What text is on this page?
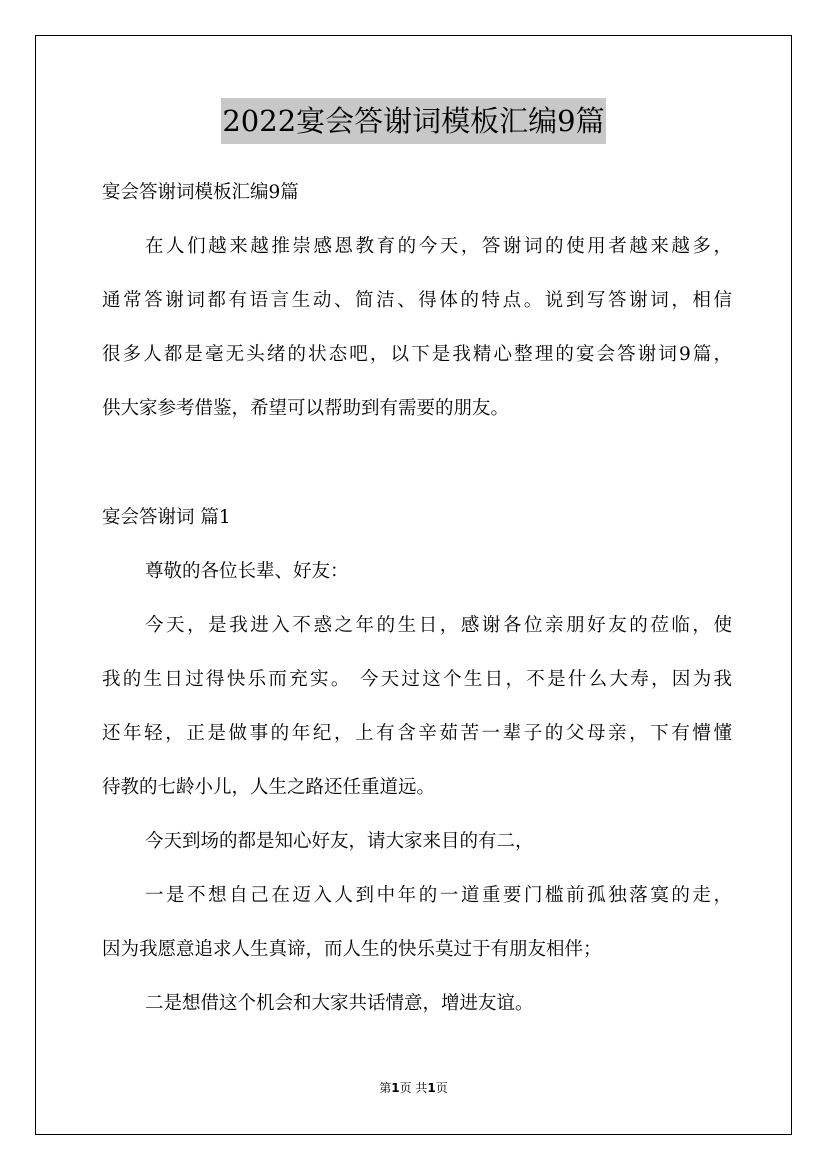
2022宴会答谢词模板汇编9篇

宴会答谢词模板汇编9篇

在人们越来越推崇感恩教育的今天，答谢词的使用者越来越多，

通常答谢词都有语言生动、简洁、得体的特点。说到写答谢词，相信

很多人都是毫无头绪的状态吧，以下是我精心整理的宴会答谢词9篇，

供大家参考借鉴，希望可以帮助到有需要的朋友。

宴会答谢词 篇1

尊敬的各位长辈、好友：

今天，是我进入不惑之年的生日，感谢各位亲朋好友的莅临，使

我的生日过得快乐而充实。 今天过这个生日，不是什么大寿，因为我

还年轻，正是做事的年纪，上有含辛茹苦一辈子的父母亲，下有懵懂

待教的七龄小儿，人生之路还任重道远。

今天到场的都是知心好友，请大家来目的有二，

一是不想自己在迈入人到中年的一道重要门槛前孤独落寞的走，

因为我愿意追求人生真谛，而人生的快乐莫过于有朋友相伴；

二是想借这个机会和大家共话情意，增进友谊。

第1页 共1页
